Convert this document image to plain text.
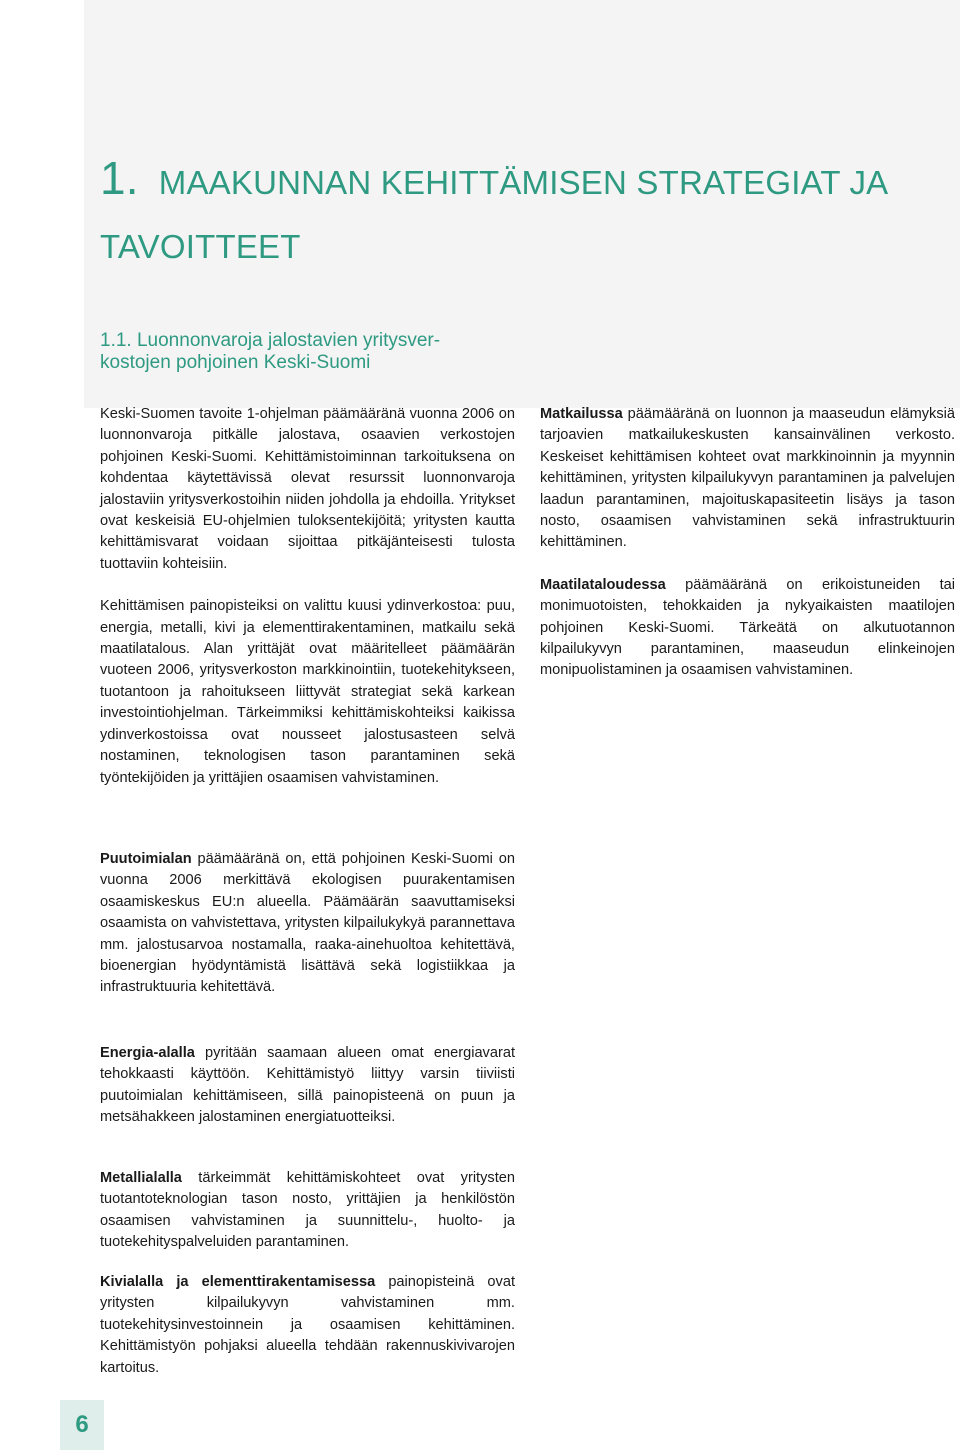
1. MAAKUNNAN KEHITTÄMISEN STRATEGIAT JA TAVOITTEET
1.1. Luonnonvaroja jalostavien yritysver-
kostojen pohjoinen Keski-Suomi

Keski-Suomen tavoite 1-ohjelman päämääränä vuonna 2006 on luonnonvaroja pitkälle jalostava, osaavien verkostojen pohjoinen Keski-Suomi. Kehittämistoiminnan tarkoituksena on kohdentaa käytettävissä olevat resurssit luonnonvaroja jalostaviin yritysverkostoihin niiden johdolla ja ehdoilla. Yritykset ovat keskeisiä EU-ohjelmien tuloksentekijöitä; yritysten kautta kehittämisvarat voidaan sijoittaa pitkäjänteisesti tulosta tuottaviin kohteisiin.

Kehittämisen painopisteiksi on valittu kuusi ydinverkostoa: puu, energia, metalli, kivi ja elementtirakentaminen, matkailu sekä maatilatalous. Alan yrittäjät ovat määritelleet päämäärän vuoteen 2006, yritysverkoston markkinointiin, tuotekehitykseen, tuotantoon ja rahoitukseen liittyvät strategiat sekä karkean investointiohjelman. Tärkeimmiksi kehittämiskohteiksi kaikissa ydinverkostoissa ovat nousseet jalostusasteen selvä nostaminen, teknologisen tason parantaminen sekä työntekijöiden ja yrittäjien osaamisen vahvistaminen.

Puutoimialan päämääränä on, että pohjoinen Keski-Suomi on vuonna 2006 merkittävä ekologisen puurakentamisen osaamiskeskus EU:n alueella. Päämäärän saavuttamiseksi osaamista on vahvistettava, yritysten kilpailukykyä parannettava mm. jalostusarvoa nostamalla, raaka-ainehuoltoa kehitettävä, bioenergian hyödyntämistä lisättävä sekä logistiikkaa ja infrastruktuuria kehitettävä.

Energia-alalla pyritään saamaan alueen omat energiavarat tehokkaasti käyttöön. Kehittämistyö liittyy varsin tiiviisti puutoimialan kehittämiseen, sillä painopisteenä on puun ja metsähakkeen jalostaminen energiatuotteiksi.

Metallialalla tärkeimmät kehittämiskohteet ovat yritysten tuotantoteknologian tason nosto, yrittäjien ja henkilöstön osaamisen vahvistaminen ja suunnittelu-, huolto- ja tuotekehityspalveluiden parantaminen.

Kivialalla ja elementtirakentamisessa painopisteinä ovat yritysten kilpailukyvyn vahvistaminen mm. tuotekehitysinvestoinnein ja osaamisen kehittäminen. Kehittämistyön pohjaksi alueella tehdään rakennuskivivarojen kartoitus.

Matkailussa päämääränä on luonnon ja maaseudun elämyksiä tarjoavien matkailukeskusten kansainvälinen verkosto. Keskeiset kehittämisen kohteet ovat markkinoinnin ja myynnin kehittäminen, yritysten kilpailukyvyn parantaminen ja palvelujen laadun parantaminen, majoituskapasiteetin lisäys ja tason nosto, osaamisen vahvistaminen sekä infrastruktuurin kehittäminen.

Maatilataloudessa päämääränä on erikoistuneiden tai monimuotoisten, tehokkaiden ja nykyaikaisten maatilojen pohjoinen Keski-Suomi. Tärkeätä on alkutuotannon kilpailukyvyn parantaminen, maaseudun elinkeinojen monipuolistaminen ja osaamisen vahvistaminen.

6
